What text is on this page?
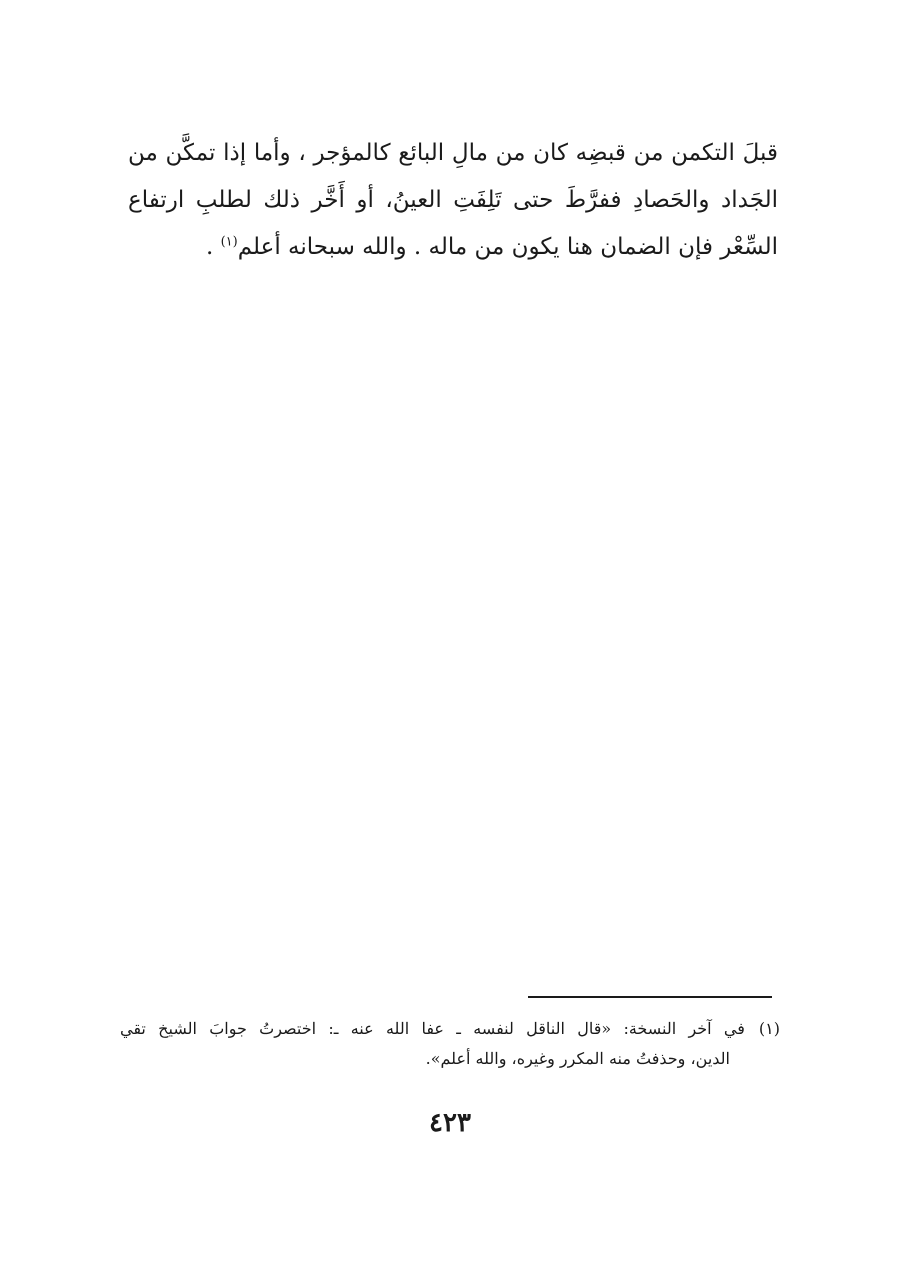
قبلَ التكمن من قبضِه كان من مالِ البائع كالمؤجر ، وأما إذا تمكَّن من
الجَداد والحَصادِ ففرَّطَ حتى تَلِفَتِ العينُ، أو أَخَّر ذلك لطلبِ ارتفاع
السِّعْر فإن الضمان هنا يكون من ماله . والله سبحانه أعلم$^{(١)}$ .
(١)في آخر النسخة: «قال الناقل لنفسه ـ عفا الله عنه ـ: اختصرتُ جوابَ الشيخ تقي
الدين، وحذفتُ منه المكرر وغيره، والله أعلم».
٤٢٣
